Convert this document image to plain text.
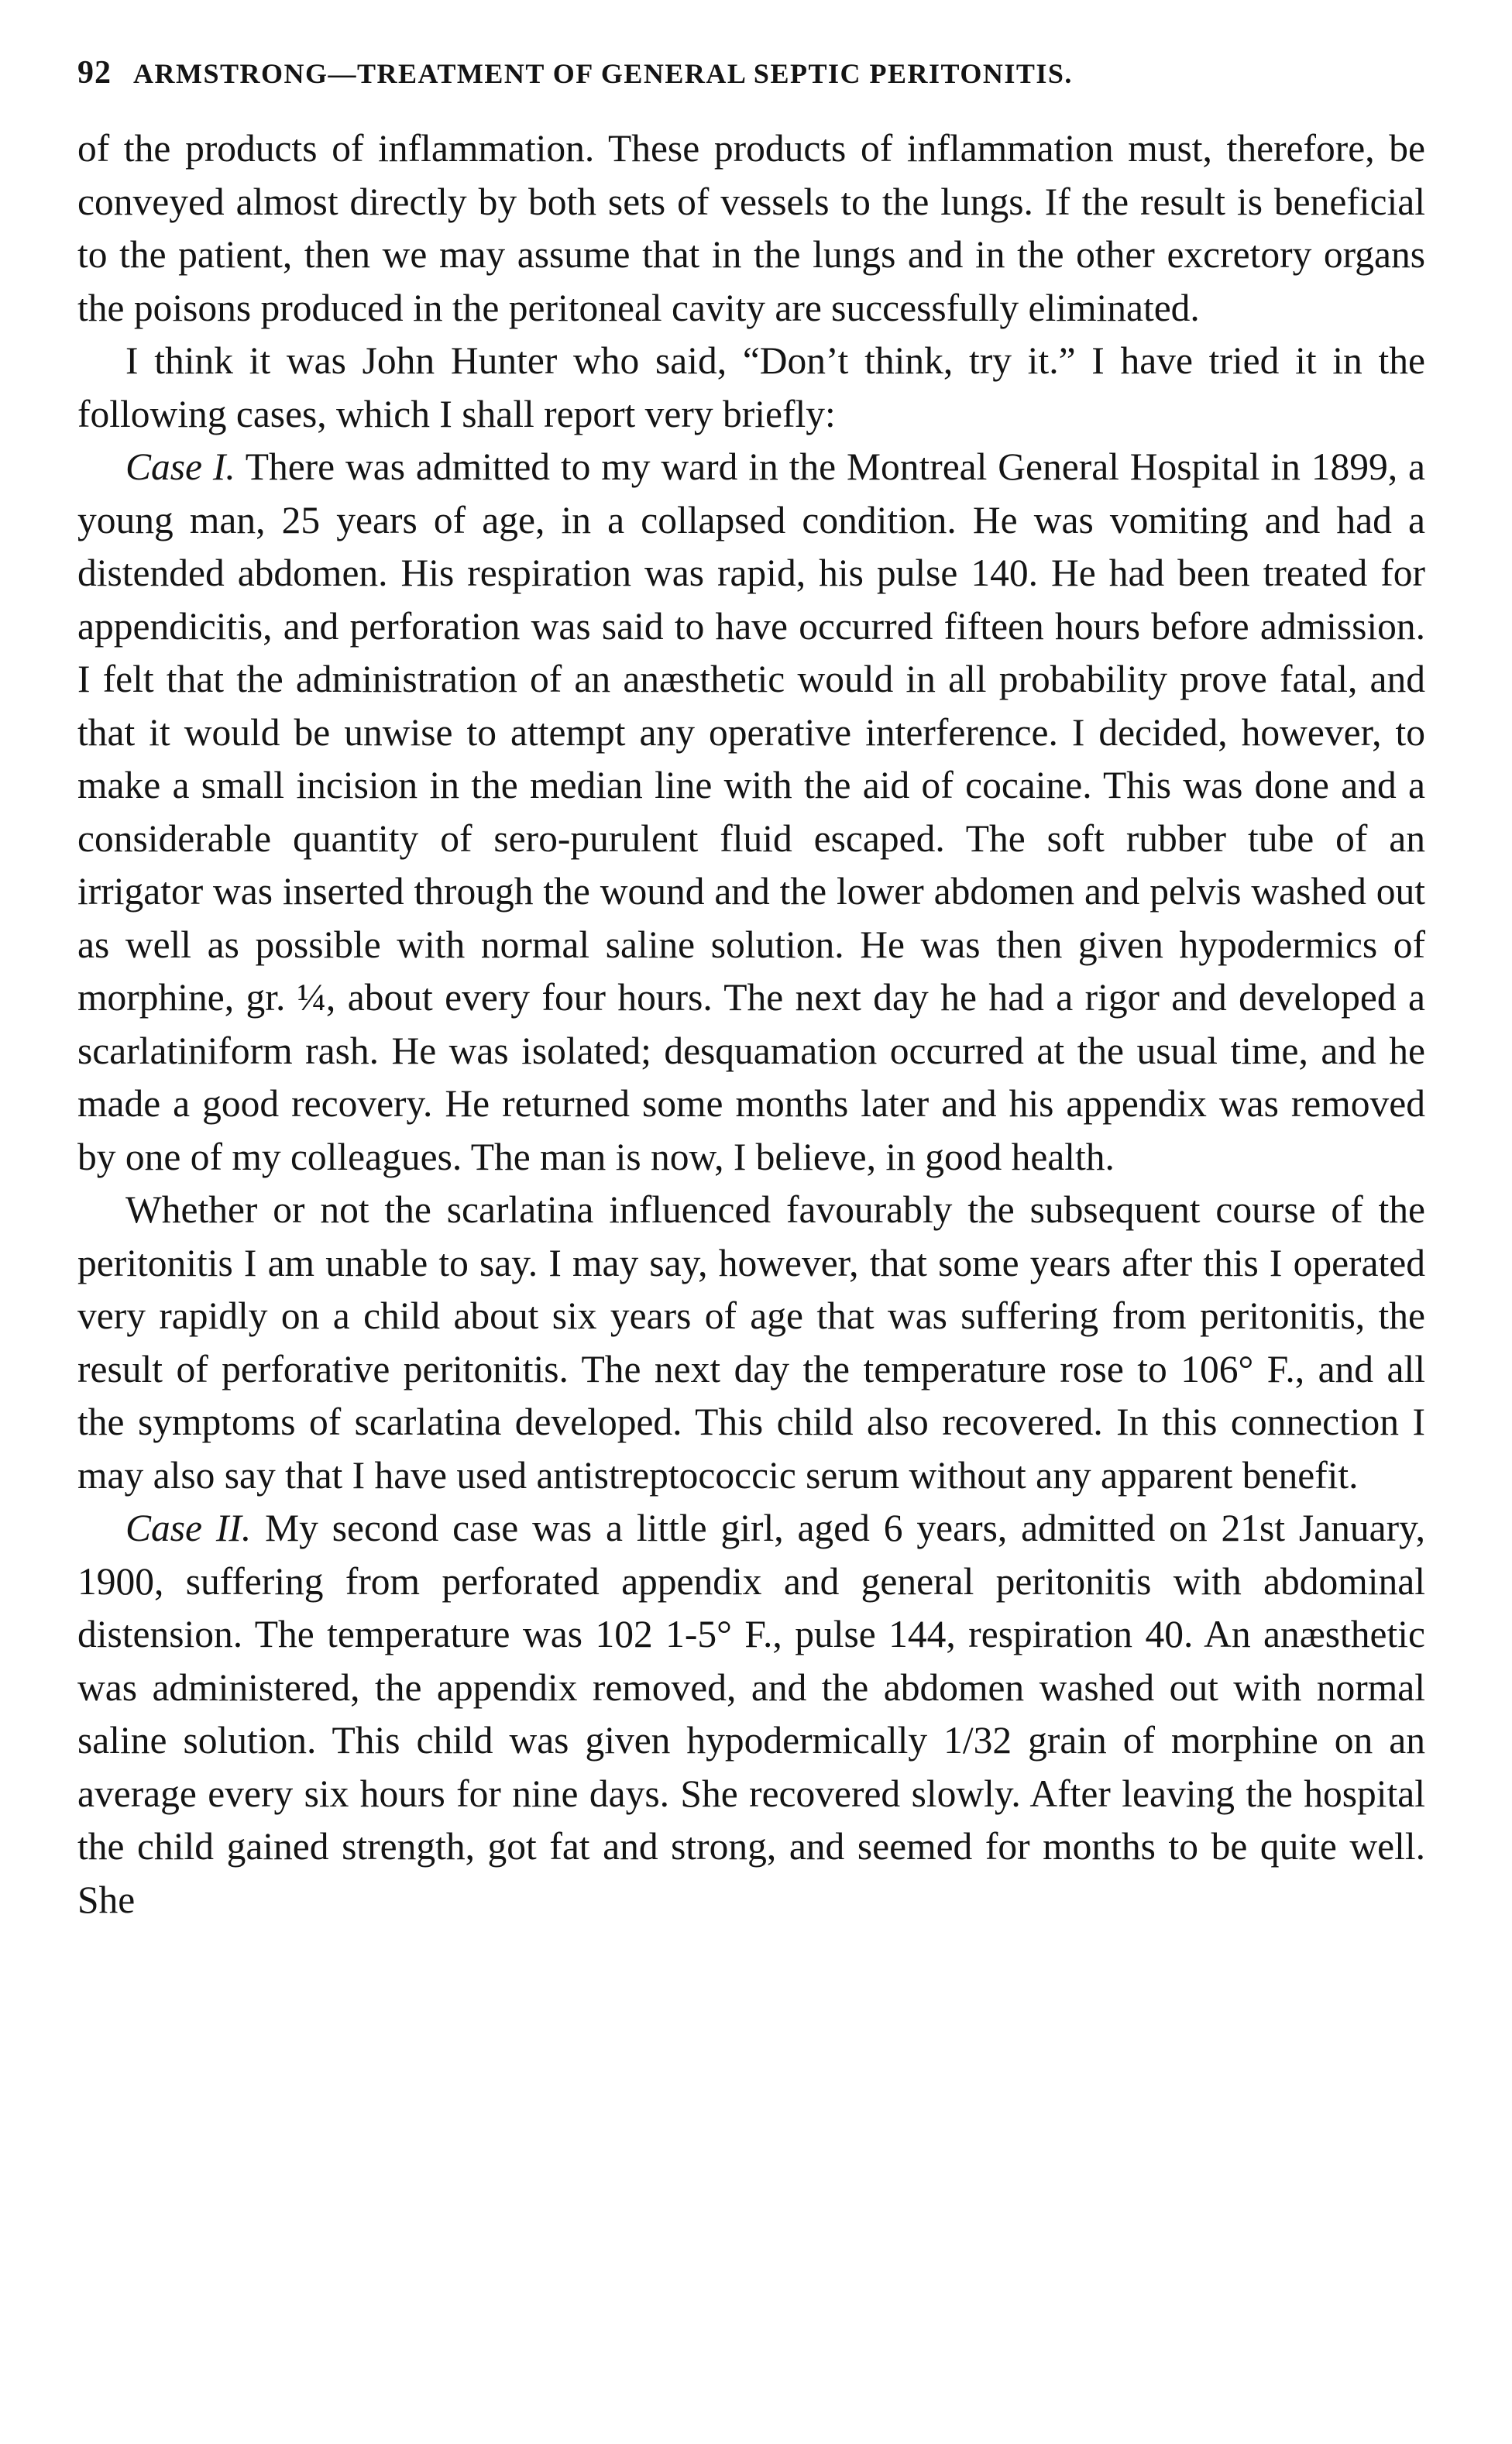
92 ARMSTRONG—TREATMENT OF GENERAL SEPTIC PERITONITIS.

of the products of inflammation. These products of inflammation must, therefore, be conveyed almost directly by both sets of vessels to the lungs. If the result is beneficial to the patient, then we may assume that in the lungs and in the other excretory organs the poisons produced in the peritoneal cavity are successfully eliminated.

I think it was John Hunter who said, “Don’t think, try it.” I have tried it in the following cases, which I shall report very briefly:

Case I. There was admitted to my ward in the Montreal General Hospital in 1899, a young man, 25 years of age, in a collapsed condition. He was vomiting and had a distended abdomen. His respiration was rapid, his pulse 140. He had been treated for appendicitis, and perforation was said to have occurred fifteen hours before admission. I felt that the administration of an anæsthetic would in all probability prove fatal, and that it would be unwise to attempt any operative interference. I decided, however, to make a small incision in the median line with the aid of cocaine. This was done and a considerable quantity of sero-purulent fluid escaped. The soft rubber tube of an irrigator was inserted through the wound and the lower abdomen and pelvis washed out as well as possible with normal saline solution. He was then given hypodermics of morphine, gr. ¼, about every four hours. The next day he had a rigor and developed a scarlatiniform rash. He was isolated; desquamation occurred at the usual time, and he made a good recovery. He returned some months later and his appendix was removed by one of my colleagues. The man is now, I believe, in good health.

Whether or not the scarlatina influenced favourably the subsequent course of the peritonitis I am unable to say. I may say, however, that some years after this I operated very rapidly on a child about six years of age that was suffering from peritonitis, the result of perforative peritonitis. The next day the temperature rose to 106° F., and all the symptoms of scarlatina developed. This child also recovered. In this connection I may also say that I have used antistreptococcic serum without any apparent benefit.

Case II. My second case was a little girl, aged 6 years, admitted on 21st January, 1900, suffering from perforated appendix and general peritonitis with abdominal distension. The temperature was 102 1-5° F., pulse 144, respiration 40. An anæsthetic was administered, the appendix removed, and the abdomen washed out with normal saline solution. This child was given hypodermically 1/32 grain of morphine on an average every six hours for nine days. She recovered slowly. After leaving the hospital the child gained strength, got fat and strong, and seemed for months to be quite well. She
